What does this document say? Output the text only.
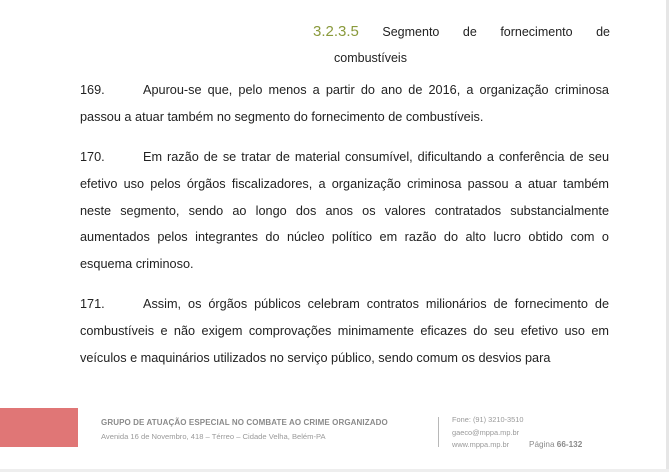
3.2.3.5 Segmento de fornecimento de
combustíveis
169.	Apurou-se que, pelo menos a partir do ano de 2016, a organização criminosa passou a atuar também no segmento do fornecimento de combustíveis.
170.	Em razão de se tratar de material consumível, dificultando a conferência de seu efetivo uso pelos órgãos fiscalizadores, a organização criminosa passou a atuar também neste segmento, sendo ao longo dos anos os valores contratados substancialmente aumentados pelos integrantes do núcleo político em razão do alto lucro obtido com o esquema criminoso.
171.	Assim, os órgãos públicos celebram contratos milionários de fornecimento de combustíveis e não exigem comprovações minimamente eficazes do seu efetivo uso em veículos e maquinários utilizados no serviço público, sendo comum os desvios para
GRUPO DE ATUAÇÃO ESPECIAL NO COMBATE AO CRIME ORGANIZADO
Avenida 16 de Novembro, 418 – Térreo – Cidade Velha, Belém-PA
Fone: (91) 3210-3510
gaeco@mppa.mp.br
www.mppa.mp.br	Página 66-132
